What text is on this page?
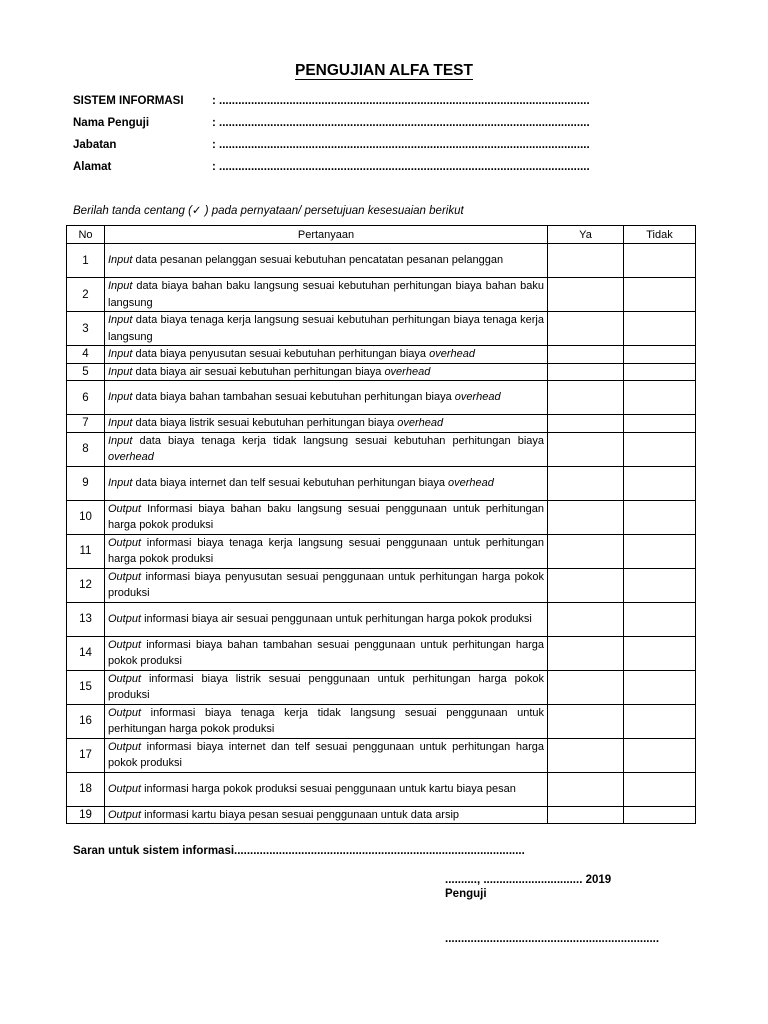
PENGUJIAN ALFA TEST
SISTEM INFORMASI : ....................................................................................................................
Nama Penguji	: ....................................................................................................................
Jabatan	: ....................................................................................................................
Alamat	: ....................................................................................................................
Berilah tanda centang (✓ ) pada pernyataan/ persetujuan kesesuaian berikut
No	Pertanyaan	Ya	Tidak
1	Input data pesanan pelanggan sesuai kebutuhan pencatatan pesanan pelanggan		
2	Input data biaya bahan baku langsung sesuai kebutuhan perhitungan biaya bahan baku langsung		
3	Input data biaya tenaga kerja langsung sesuai kebutuhan perhitungan biaya tenaga kerja langsung		
4	Input data biaya penyusutan sesuai kebutuhan perhitungan biaya overhead		
5	Input data biaya air sesuai kebutuhan perhitungan biaya overhead		
6	Input data biaya bahan tambahan sesuai kebutuhan perhitungan biaya overhead		
7	Input data biaya listrik sesuai kebutuhan perhitungan biaya overhead		
8	Input data biaya tenaga kerja tidak langsung sesuai kebutuhan perhitungan biaya overhead		
9	Input data biaya internet dan telf sesuai kebutuhan perhitungan biaya overhead		
10	Output Informasi biaya bahan baku langsung sesuai penggunaan untuk perhitungan harga pokok produksi		
11	Output informasi biaya tenaga kerja langsung sesuai penggunaan untuk perhitungan harga pokok produksi		
12	Output informasi biaya penyusutan sesuai penggunaan untuk perhitungan harga pokok produksi		
13	Output informasi biaya air sesuai penggunaan untuk perhitungan harga pokok produksi		
14	Output informasi biaya bahan tambahan sesuai penggunaan untuk perhitungan harga pokok produksi		
15	Output informasi biaya listrik sesuai penggunaan untuk perhitungan harga pokok produksi		
16	Output informasi biaya tenaga kerja tidak langsung sesuai penggunaan untuk perhitungan harga pokok produksi		
17	Output informasi biaya internet dan telf sesuai penggunaan untuk perhitungan harga pokok produksi		
18	Output informasi harga pokok produksi sesuai penggunaan untuk kartu biaya pesan		
19	Output informasi kartu biaya pesan sesuai penggunaan untuk data arsip		
Saran untuk sistem informasi...........................................................................................
.........., ............................... 2019
Penguji
...................................................................
